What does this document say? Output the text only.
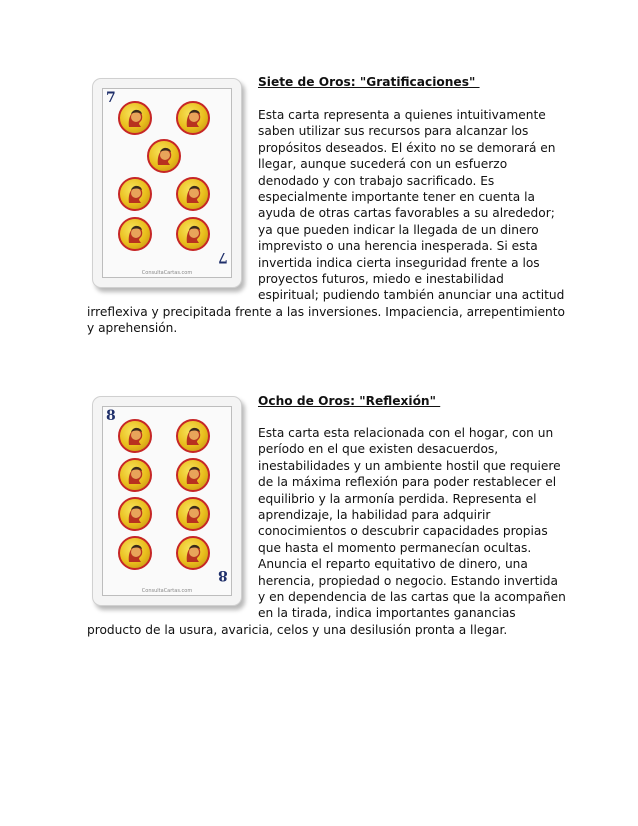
7
7
ConsultaCartas.com
Siete de Oros: "Gratificaciones"
Esta carta representa a quienes intuitivamente
saben utilizar sus recursos para alcanzar los
propósitos deseados. El éxito no se demorará en
llegar, aunque sucederá con un esfuerzo
denodado y con trabajo sacrificado. Es
especialmente importante tener en cuenta la
ayuda de otras cartas favorables a su alrededor;
ya que pueden indicar la llegada de un dinero
imprevisto o una herencia inesperada. Si esta
invertida indica cierta inseguridad frente a los
proyectos futuros, miedo e inestabilidad
espiritual; pudiendo también anunciar una actitud
irreflexiva y precipitada frente a las inversiones. Impaciencia, arrepentimiento
y aprehensión.
8
8
ConsultaCartas.com
Ocho de Oros: "Reflexión"
Esta carta esta relacionada con el hogar, con un
período en el que existen desacuerdos,
inestabilidades y un ambiente hostil que requiere
de la máxima reflexión para poder restablecer el
equilibrio y la armonía perdida. Representa el
aprendizaje, la habilidad para adquirir
conocimientos o descubrir capacidades propias
que hasta el momento permanecían ocultas.
Anuncia el reparto equitativo de dinero, una
herencia, propiedad o negocio. Estando invertida
y en dependencia de las cartas que la acompañen
en la tirada, indica importantes ganancias
producto de la usura, avaricia, celos y una desilusión pronta a llegar.
